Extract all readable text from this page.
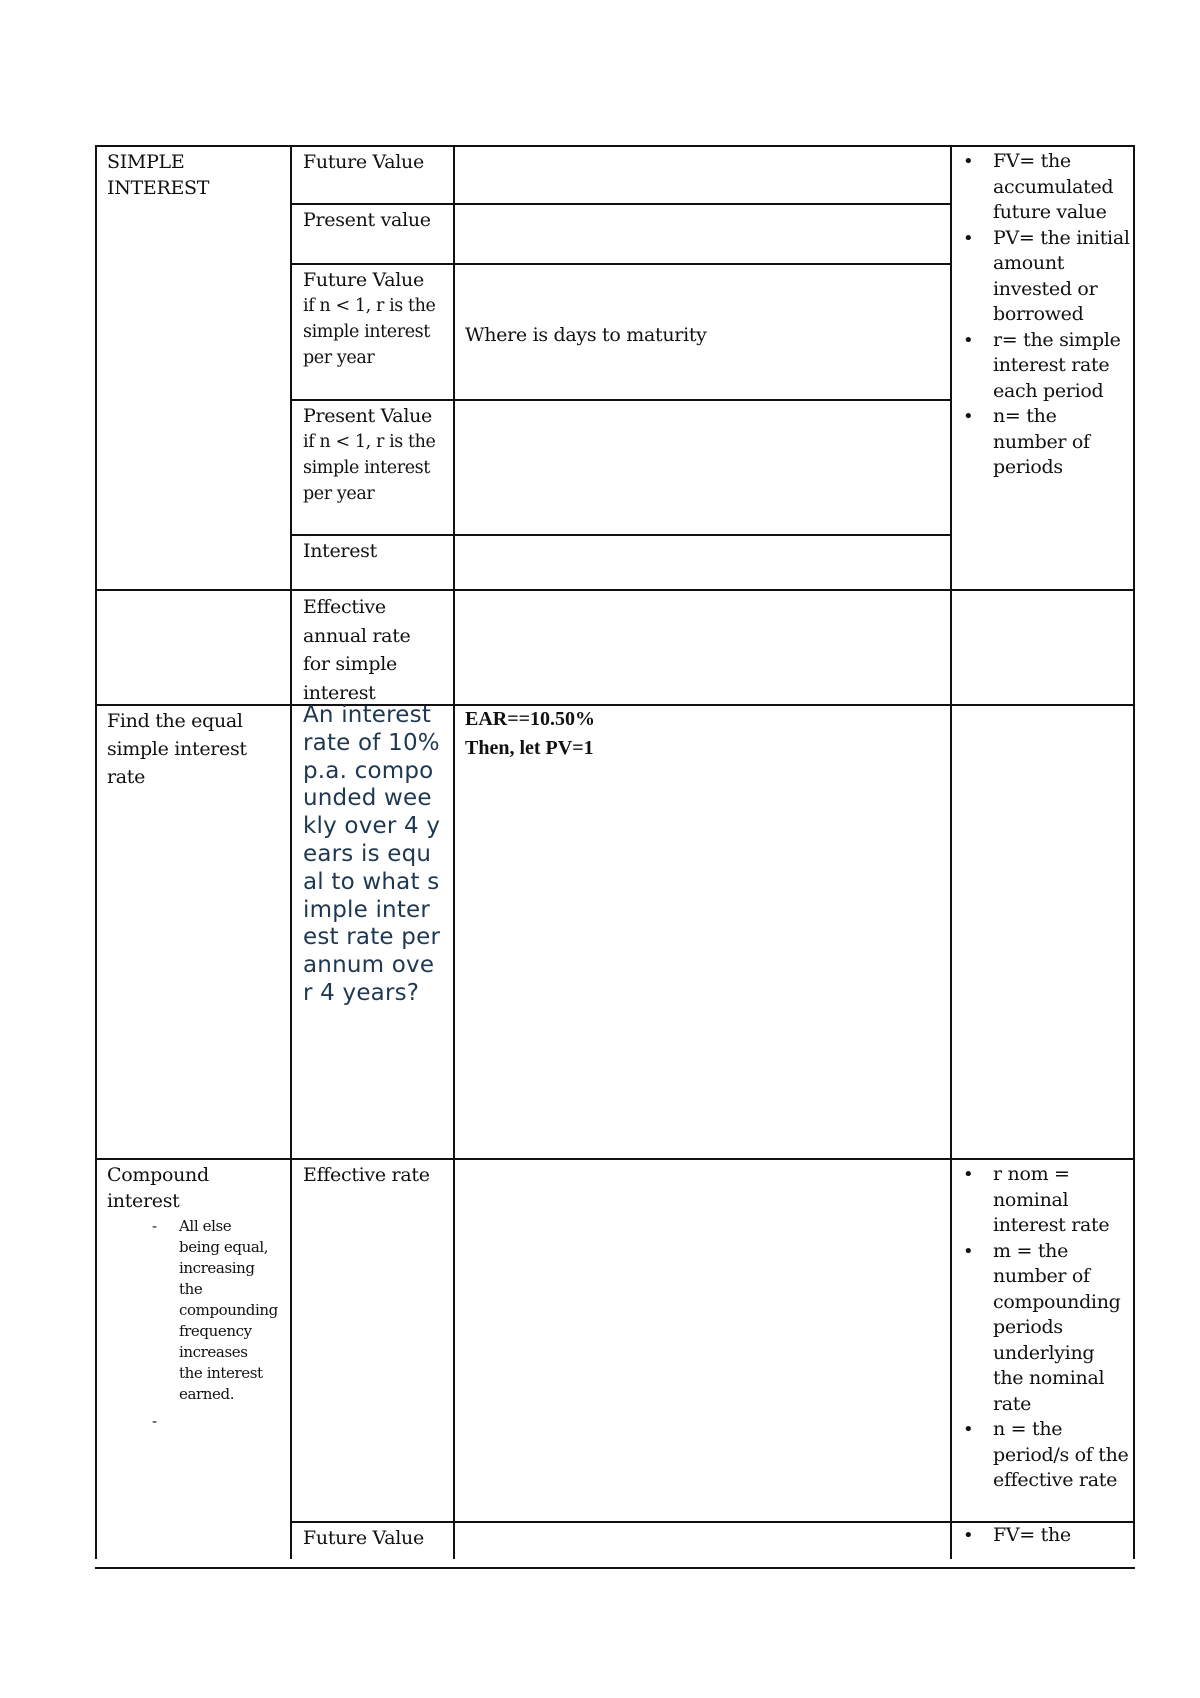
SIMPLE INTEREST
Future Value
Present value
Future Value
if n < 1, r is the simple interest per year
Where is days to maturity
Present Value
if n < 1, r is the simple interest per year
Interest
• FV= the accumulated future value
• PV= the initial amount invested or borrowed
• r= the simple interest rate each period
• n= the number of periods
Effective annual rate for simple interest
Find the equal simple interest rate
An interest rate of 10% p.a. compounded weekly over 4 years is equal to what simple interest rate per annum over 4 years?
EAR==10.50%
Then, let PV=1
Compound interest
- All else being equal, increasing the compounding frequency increases the interest earned.
-
Effective rate	• r nom = nominal interest rate
• m = the number of compounding periods underlying the nominal rate
• n = the period/s of the effective rate
Future Value	• FV= the
